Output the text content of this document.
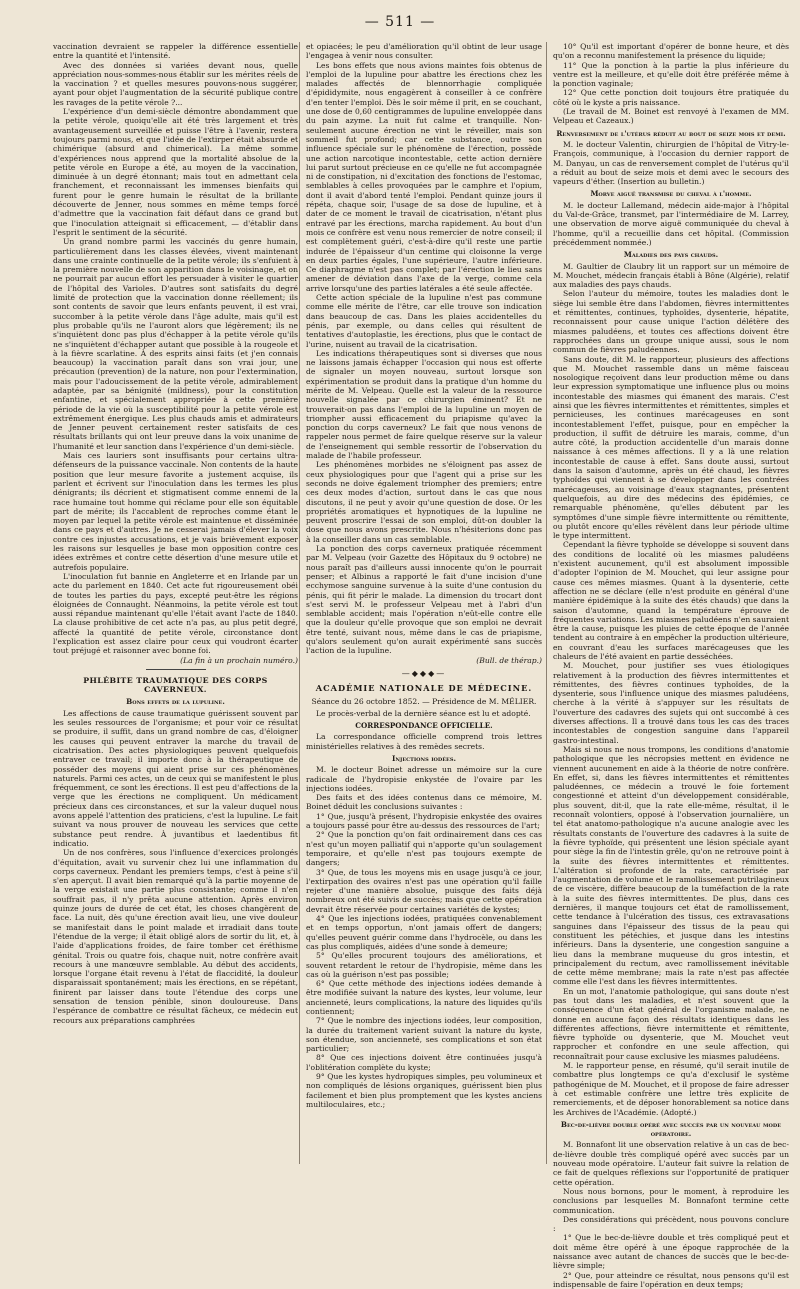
— 511 —

vaccination devraient se rappeler la différence essentielle entre la quantité et l'intensité.

Avec des données si variées devant nous, quelle appréciation nous-sommes-nous établir sur les mérites réels de la vaccination ? et quelles mesures pouvons-nous suggérer, ayant pour objet l'augmentation de la sécurité publique contre les ravages de la petite vérole ?...

L'expérience d'un demi-siècle démontre abondamment que la petite vérole, quoiqu'elle ait été très largement et très avantageusement surveillée et puisse l'être à l'avenir, restera toujours parmi nous, et que l'idée de l'extirper était absurde et chimérique (absurd and chimerical). La même somme d'expériences nous apprend que la mortalité absolue de la petite vérole en Europe a été, au moyen de la vaccination, diminuée à un degré étonnant; mais tout en admettant cela franchement, et reconnaissant les immenses bienfaits qui furent pour le genre humain le résultat de la brillante découverte de Jenner, nous sommes en même temps forcé d'admettre que la vaccination fait défaut dans ce grand but que l'inoculation atteignait si efficacement, — d'établir dans l'esprit le sentiment de la sécurité.

Un grand nombre parmi les vaccinés du genre humain, particulièrement dans les classes élevées, vivent maintenant dans une crainte continuelle de la petite vérole; ils s'enfuient à la première nouvelle de son apparition dans le voisinage, et on ne pourrait par aucun effort les persuader à visiter le quartier de l'hôpital des Varioles. D'autres sont satisfaits du degré limité de protection que la vaccination donne réellement; ils sont contents de savoir que leurs enfants peuvent, il est vrai, succomber à la petite vérole dans l'âge adulte, mais qu'il est plus probable qu'ils ne l'auront alors que légèrement; ils ne s'inquiètent donc pas plus d'échapper à la petite vérole qu'ils ne s'inquiètent d'échapper autant que possible à la rougeole et à la fièvre scarlatine. À des esprits ainsi faits (et j'en connais beaucoup) la vaccination paraît dans son vrai jour, une précaution (prevention) de la nature, non pour l'extermination, mais pour l'adoucissement de la petite vérole, admirablement adaptée, par sa bénignité (mildness), pour la constitution enfantine, et spécialement appropriée à cette première période de la vie où la susceptibilité pour la petite vérole est extrêmement énergique. Les plus chauds amis et admirateurs de Jenner peuvent certainement rester satisfaits de ces résultats brillants qui ont leur preuve dans la voix unanime de l'humanité et leur sanction dans l'expérience d'un demi-siècle.

Mais ces lauriers sont insuffisants pour certains ultra-défenseurs de la puissance vaccinale. Non contents de la haute position que leur mesure favorite a justement acquise, ils parlent et écrivent sur l'inoculation dans les termes les plus dénigrants; ils décrient et stigmatisent comme ennemi de la race humaine tout homme qui réclame pour elle son équitable part de mérite; ils l'accablent de reproches comme étant le moyen par lequel la petite vérole est maintenue et disséminée dans ce pays et d'autres. Je ne cesserai jamais d'élever la voix contre ces injustes accusations, et je vais brièvement exposer les raisons sur lesquelles je base mon opposition contre ces idées extrêmes et contre cette désertion d'une mesure utile et autrefois populaire.

L'inoculation fut bannie en Angleterre et en Irlande par un acte du parlement en 1840. Cet acte fut rigoureusement obéi de toutes les parties du pays, excepté peut-être les régions éloignées de Connaught. Néanmoins, la petite vérole est tout aussi répandue maintenant qu'elle l'était avant l'acte de 1840. La clause prohibitive de cet acte n'a pas, au plus petit degré, affecté la quantité de petite vérole, circonstance dont l'explication est assez claire pour ceux qui voudront écarter tout préjugé et raisonner avec bonne foi.

(La fin à un prochain numéro.)

PHLÉBITE TRAUMATIQUE DES CORPS CAVERNEUX.
Bons effets de la lupuline.

Les affections de cause traumatique guérissent souvent par les seules ressources de l'organisme; et pour voir ce résultat se produire, il suffit, dans un grand nombre de cas, d'éloigner les causes qui peuvent entraver la marche du travail de cicatrisation. Des actes physiologiques peuvent quelquefois entraver ce travail; il importe donc à la thérapeutique de posséder des moyens qui aient prise sur ces phénomènes naturels. Parmi ces actes, un de ceux qui se manifestent le plus fréquemment, ce sont les érections. Il est peu d'affections de la verge que les érections ne compliquent. Un médicament précieux dans ces circonstances, et sur la valeur duquel nous avons appelé l'attention des praticiens, c'est la lupuline. Le fait suivant va nous prouver de nouveau les services que cette substance peut rendre. À juvantibus et laedentibus fit indicatio.

Un de nos confrères, sous l'influence d'exercices prolongés d'équitation, avait vu survenir chez lui une inflammation du corps caverneux. Pendant les premiers temps, c'est à peine s'il s'en aperçut. Il avait bien remarqué qu'à la partie moyenne de la verge existait une partie plus consistante; comme il n'en souffrait pas, il n'y prêta aucune attention. Après environ quinze jours de durée de cet état, les choses changèrent de face. La nuit, dès qu'une érection avait lieu, une vive douleur se manifestait dans le point malade et irradiait dans toute l'étendue de la verge; il était obligé alors de sortir du lit, et, à l'aide d'applications froides, de faire tomber cet éréthisme génital. Trois ou quatre fois, chaque nuit, notre confrère avait recours à une manœuvre semblable. Au début des accidents, lorsque l'organe était revenu à l'état de flaccidité, la douleur disparaissait spontanément; mais les érections, en se répétant, finirent par laisser dans toute l'étendue des corps une sensation de tension pénible, sinon douloureuse. Dans l'espérance de combattre ce résultat fâcheux, ce médecin eut recours aux préparations camphrées

et opiacées; le peu d'amélioration qu'il obtint de leur usage l'engagea à venir nous consulter.

Les bons effets que nous avions maintes fois obtenus de l'emploi de la lupuline pour abattre les érections chez les malades affectés de blennorrhagie compliquée d'épididymite, nous engagèrent à conseiller à ce confrère d'en tenter l'emploi. Dès le soir même il prit, en se couchant, une dose de 0,60 centigrammes de lupuline enveloppée dans du pain azyme. La nuit fut calme et tranquille. Non-seulement aucune érection ne vint le réveiller, mais son sommeil fut profond; car cette substance, outre son influence spéciale sur le phénomène de l'érection, possède une action narcotique incontestable, cette action dernière lui parut surtout précieuse en ce qu'elle ne fut accompagnée ni de constipation, ni d'excitation des fonctions de l'estomac, semblables à celles provoquées par le camphre et l'opium, dont il avait d'abord tenté l'emploi. Pendant quinze jours il répéta, chaque soir, l'usage de sa dose de lupuline, et à dater de ce moment le travail de cicatrisation, n'étant plus entravé par les érections, marcha rapidement. Au bout d'un mois ce confrère est venu nous remercier de notre conseil; il est complètement guéri, c'est-à-dire qu'il reste une partie indurée de l'épaisseur d'un centime qui cloisonne la verge en deux parties égales, l'une supérieure, l'autre inférieure. Ce diaphragme n'est pas complet; par l'érection le lieu sans amener de déviation dans l'axe de la verge, comme cela arrive lorsqu'une des parties latérales a été seule affectée.

Cette action spéciale de la lupuline n'est pas commune comme elle mérite de l'être, car elle trouve son indication dans beaucoup de cas. Dans les plaies accidentelles du pénis, par exemple, ou dans celles qui résultent de tentatives d'autoplastie, les érections, plus que le contact de l'urine, nuisent au travail de la cicatrisation.

Les indications thérapeutiques sont si diverses que nous ne laissons jamais échapper l'occasion qui nous est offerte de signaler un moyen nouveau, surtout lorsque son expérimentation se produit dans la pratique d'un homme du mérite de M. Velpeau. Quelle est la valeur de la ressource nouvelle signalée par ce chirurgien éminent? Et ne trouverait-on pas dans l'emploi de la lupuline un moyen de triompher aussi efficacement du priapisme qu'avec la ponction du corps caverneux? Le fait que nous venons de rappeler nous permet de faire quelque réserve sur la valeur de l'enseignement qui semble ressortir de l'observation du malade de l'habile professeur.

Les phénomènes morbides ne s'éloignent pas assez de ceux physiologiques pour que l'agent qui a prise sur les seconds ne doive également triompher des premiers; entre ces deux modes d'action, surtout dans le cas que nous discutons, il ne peut y avoir qu'une question de dose. Or les propriétés aromatiques et hypnotiques de la lupuline ne peuvent proscrire l'essai de son emploi, dût-on doubler la dose que nous avons prescrite. Nous n'hésiterions donc pas à la conseiller dans un cas semblable.

La ponction des corps caverneux pratiquée récemment par M. Velpeau (voir Gazette des Hôpitaux du 9 octobre) ne nous paraît pas d'ailleurs aussi innocente qu'on le pourrait penser; et Albinus a rapporté le fait d'une incision d'une ecchymose sanguine survenue à la suite d'une contusion du pénis, qui fit périr le malade. La dimension du trocart dont s'est servi M. le professeur Velpeau met à l'abri d'un semblable accident; mais l'opération n'eût-elle contre elle que la douleur qu'elle provoque que son emploi ne devrait être tenté, suivant nous, même dans le cas de priapisme, qu'alors seulement qu'on aurait expérimenté sans succès l'action de la lupuline.

(Bull. de thérap.)

—◆◆◆—
ACADÉMIE NATIONALE DE MÉDECINE.
Séance du 26 octobre 1852. — Présidence de M. MÉLIER.

Le procès-verbal de la dernière séance est lu et adopté.

CORRESPONDANCE OFFICIELLE.

La correspondance officielle comprend trois lettres ministérielles relatives à des remèdes secrets.

Injections iodées.

M. le docteur Boinet adresse un mémoire sur la cure radicale de l'hydropisie enkystée de l'ovaire par les injections iodées.

Des faits et des idées contenus dans ce mémoire, M. Boinet déduit les conclusions suivantes :

1° Que, jusqu'à présent, l'hydropisie enkystée des ovaires a toujours passé pour être au-dessus des ressources de l'art;

2° Que la ponction qu'on fait ordinairement dans ces cas n'est qu'un moyen palliatif qui n'apporte qu'un soulagement temporaire, et qu'elle n'est pas toujours exempte de dangers;

3° Que, de tous les moyens mis en usage jusqu'à ce jour, l'extirpation des ovaires n'est pas une opération qu'il faille rejeter d'une manière absolue, puisque des faits déjà nombreux ont été suivis de succès; mais que cette opération devrait être réservée pour certaines variétés de kystes;

4° Que les injections iodées, pratiquées convenablement et en temps opportun, n'ont jamais offert de dangers; qu'elles peuvent guérir comme dans l'hydrocèle, ou dans les cas plus compliqués, aidées d'une sonde à demeure;

5° Qu'elles procurent toujours des améliorations, et souvent retardent le retour de l'hydropisie, même dans les cas où la guérison n'est pas possible;

6° Que cette méthode des injections iodées demande à être modifiée suivant la nature des kystes, leur volume, leur ancienneté, leurs complications, la nature des liquides qu'ils contiennent;

7° Que le nombre des injections iodées, leur composition, la durée du traitement varient suivant la nature du kyste, son étendue, son ancienneté, ses complications et son état particulier;

8° Que ces injections doivent être continuées jusqu'à l'oblitération complète du kyste;

9° Que les kystes hydropiques simples, peu volumineux et non compliqués de lésions organiques, guérissent bien plus facilement et bien plus promptement que les kystes anciens multiloculaires, etc.;

10° Qu'il est important d'opérer de bonne heure, et dès qu'on a reconnu manifestement la présence du liquide;

11° Que la ponction à la partie la plus inférieure du ventre est la meilleure, et qu'elle doit être préférée même à la ponction vaginale;

12° Que cette ponction doit toujours être pratiquée du côté où le kyste a pris naissance.

(Le travail de M. Boinet est renvoyé à l'examen de MM. Velpeau et Cazeaux.)

Renversement de l'utérus réduit au bout de seize mois et demi.

M. le docteur Valentin, chirurgien de l'hôpital de Vitry-le-François, communique, à l'occasion du dernier rapport de M. Danyau, un cas de renversement complet de l'utérus qu'il a réduit au bout de seize mois et demi avec le secours des vapeurs d'éther. (Insertion au bulletin.)

Morve aiguë transmise du cheval à l'homme.

M. le docteur Lallemand, médecin aide-major à l'hôpital du Val-de-Grâce, transmet, par l'intermédiaire de M. Larrey, une observation de morve aiguë communiquée du cheval à l'homme, qu'il a recueillie dans cet hôpital. (Commission précédemment nommée.)

Maladies des pays chauds.

M. Gaultier de Claubry lit un rapport sur un mémoire de M. Mouchet, médecin français établi à Bône (Algérie), relatif aux maladies des pays chauds.

Selon l'auteur du mémoire, toutes les maladies dont le siège lui semble être dans l'abdomen, fièvres intermittentes et rémittentes, continues, typhoïdes, dysenterie, hépatite, reconnaissent pour cause unique l'action délétère des miasmes paludéens, et toutes ces affections doivent être rapprochées dans un groupe unique aussi, sous le nom commun de fièvres paludéennes.

Sans doute, dit M. le rapporteur, plusieurs des affections que M. Mouchet rassemble dans un même faisceau nosologique reçoivent dans leur production même ou dans leur expression symptomatique une influence plus ou moins incontestable des miasmes qui émanent des marais. C'est ainsi que les fièvres intermittentes et rémittentes, simples et pernicieuses, les continues marécageuses en sont incontestablement l'effet, puisque, pour en empêcher la production, il suffit de détruire les marais, comme, d'un autre côté, la production accidentelle d'un marais donne naissance à ces mêmes affections. Il y a là une relation incontestable de cause à effet. Sans doute aussi, surtout dans la saison d'automne, après un été chaud, les fièvres typhoïdes qui viennent à se développer dans les contrées marécageuses, au voisinage d'eaux stagnantes, présentent quelquefois, au dire des médecins des épidémies, ce remarquable phénomène, qu'elles débutent par les symptômes d'une simple fièvre intermittente ou rémittente, ou plutôt encore qu'elles révèlent dans leur période ultime le type intermittent.

Cependant la fièvre typhoïde se développe si souvent dans des conditions de localité où les miasmes paludéens n'existent aucunement, qu'il est absolument impossible d'adopter l'opinion de M. Mouchet, qui leur assigne pour cause ces mêmes miasmes. Quant à la dysenterie, cette affection ne se déclare (elle n'est produite en général d'une manière épidémique à la suite des étés chauds) que dans la saison d'automne, quand la température éprouve de fréquentes variations. Les miasmes paludéens n'en sauraient être la cause, puisque les pluies de cette époque de l'année tendent au contraire à en empêcher la production ultérieure, en couvrant d'eau les surfaces marécageuses que les chaleurs de l'été avaient en partie desséchées.

M. Mouchet, pour justifier ses vues étiologiques relativement à la production des fièvres intermittentes et rémittentes, des fièvres continues typhoïdes, de la dysenterie, sous l'influence unique des miasmes paludéens, cherche à la vérité à s'appuyer sur les résultats de l'ouverture des cadavres des sujets qui ont succombé à ces diverses affections. Il a trouvé dans tous les cas des traces incontestables de congestion sanguine dans l'appareil gastro-intestinal.

Mais si nous ne nous trompons, les conditions d'anatomie pathologique que les nécropsies mettent en évidence ne viennent aucunement en aide à la théorie de notre confrère. En effet, si, dans les fièvres intermittentes et rémittentes paludéennes, ce médecin a trouvé le foie fortement congestionné et atteint d'un développement considérable, plus souvent, dit-il, que la rate elle-même, résultat, il le reconnaît volontiers, opposé à l'observation journalière, un tel état anatomo-pathologique n'a aucune analogie avec les résultats constants de l'ouverture des cadavres à la suite de la fièvre typhoïde, qui présentent une lésion spéciale ayant pour siège la fin de l'intestin grêle, qu'on ne retrouve point à la suite des fièvres intermittentes et rémittentes. L'altération si profonde de la rate, caractérisée par l'augmentation de volume et le ramollissement putrilagineux de ce viscère, diffère beaucoup de la tuméfaction de la rate à la suite des fièvres intermittentes. De plus, dans ces dernières, il manque toujours cet état de ramollissement, cette tendance à l'ulcération des tissus, ces extravasations sanguines dans l'épaisseur des tissus de la peau qui constituent les pétéchies, et jusque dans les intestins inférieurs. Dans la dysenterie, une congestion sanguine a lieu dans la membrane muqueuse du gros intestin, et principalement du rectum, avec ramollissement inévitable de cette même membrane; mais la rate n'est pas affectée comme elle l'est dans les fièvres intermittentes.

En un mot, l'anatomie pathologique, qui sans doute n'est pas tout dans les maladies, et n'est souvent que la conséquence d'un état général de l'organisme malade, ne donne en aucune façon des résultats identiques dans les différentes affections, fièvre intermittente et rémittente, fièvre typhoïde ou dysenterie, que M. Mouchet veut rapprocher et confondre en une seule affection, qui reconnaîtrait pour cause exclusive les miasmes paludéens.

M. le rapporteur pense, en résumé, qu'il serait inutile de combattre plus longtemps ce qu'a d'exclusif le système pathogénique de M. Mouchet, et il propose de faire adresser à cet estimable confrère une lettre très explicite de remerciements, et de déposer honorablement sa notice dans les Archives de l'Académie. (Adopté.)

Bec-de-lièvre double opéré avec succès par un nouveau mode opératoire.

M. Bonnafont lit une observation relative à un cas de bec-de-lièvre double très compliqué opéré avec succès par un nouveau mode opératoire. L'auteur fait suivre la relation de ce fait de quelques réflexions sur l'opportunité de pratiquer cette opération.

Nous nous bornons, pour le moment, à reproduire les conclusions par lesquelles M. Bonnafont termine cette communication.

Des considérations qui précèdent, nous pouvons conclure :

1° Que le bec-de-lièvre double et très compliqué peut et doit même être opéré à une époque rapprochée de la naissance avec autant de chances de succès que le bec-de-lièvre simple;

2° Que, pour atteindre ce résultat, nous pensons qu'il est indispensable de faire l'opération en deux temps;
